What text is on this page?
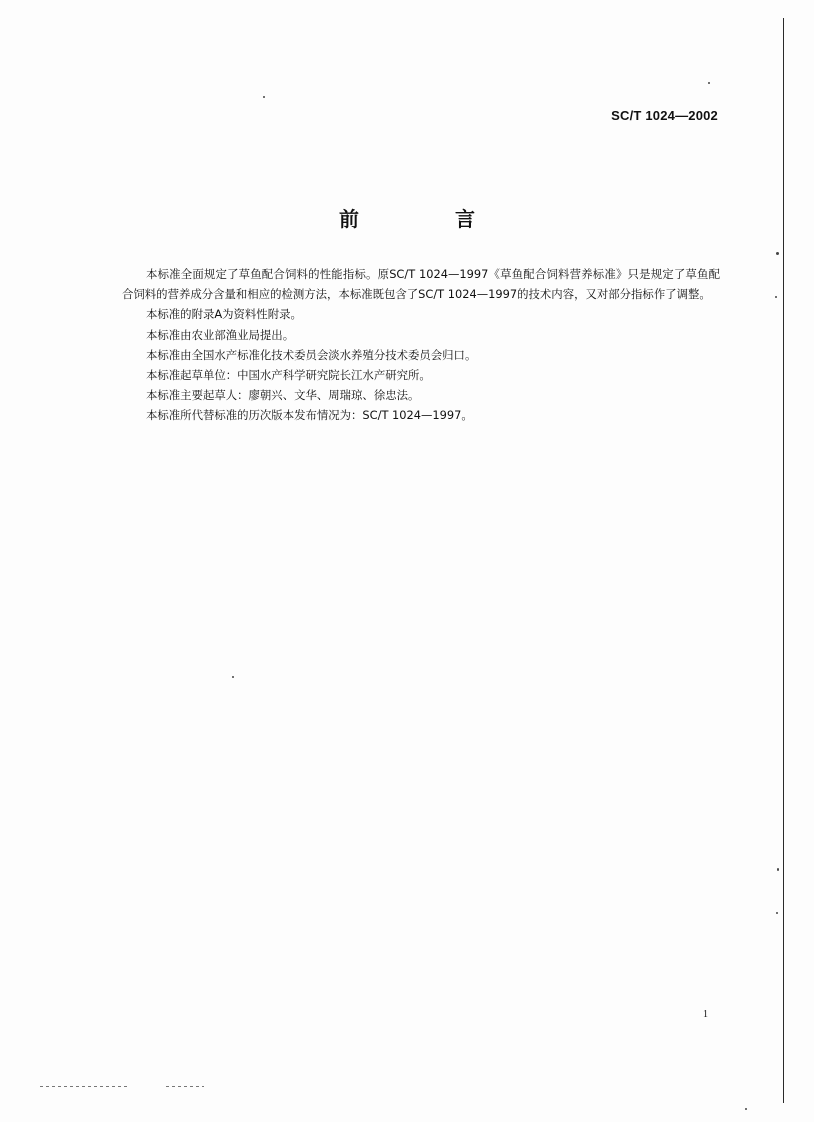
SC/T 1024—2002
前　言

本标准全面规定了草鱼配合饲料的性能指标。原SC/T 1024—1997《草鱼配合饲料营养标准》只是规定了草鱼配合饲料的营养成分含量和相应的检测方法，本标准既包含了SC/T 1024—1997的技术内容，又对部分指标作了调整。

本标准的附录A为资料性附录。

本标准由农业部渔业局提出。

本标准由全国水产标准化技术委员会淡水养殖分技术委员会归口。

本标准起草单位：中国水产科学研究院长江水产研究所。

本标准主要起草人：廖朝兴、文华、周瑞琼、徐忠法。

本标准所代替标准的历次版本发布情况为：SC/T 1024—1997。

1
